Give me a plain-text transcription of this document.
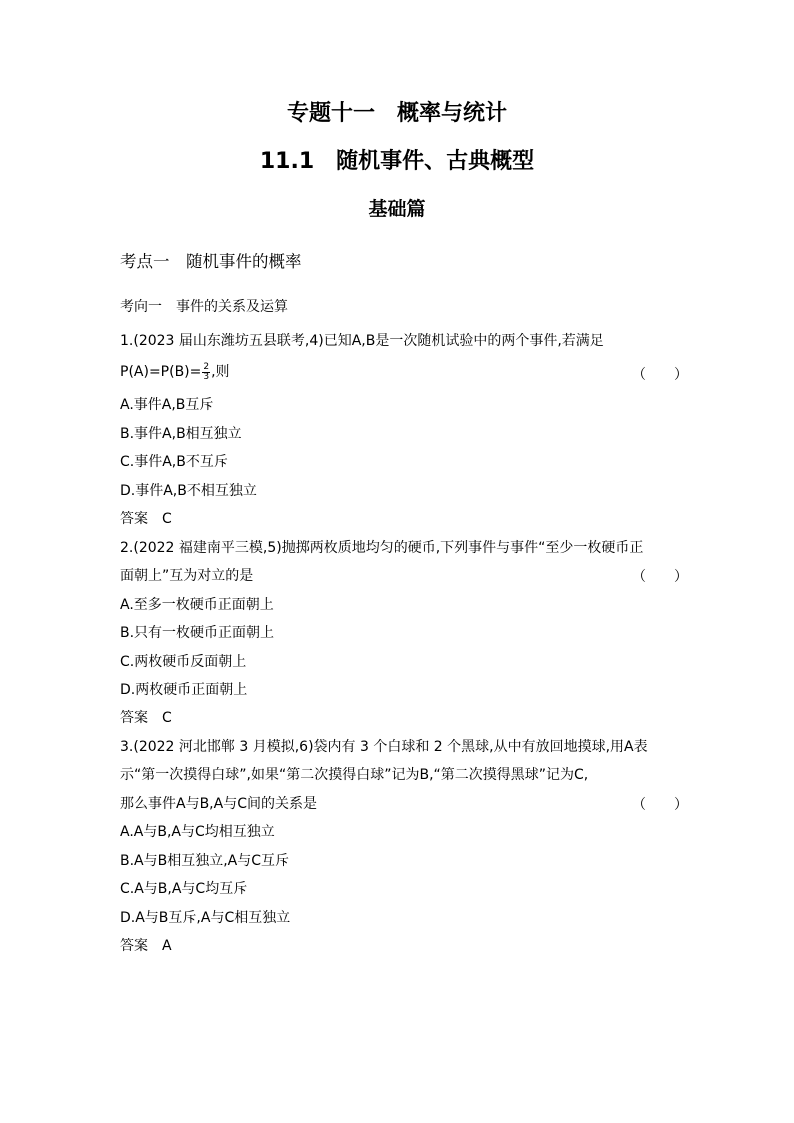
专题十一　概率与统计
11.1　随机事件、古典概型
基础篇
考点一　随机事件的概率
考向一　事件的关系及运算
1.(2023 届山东潍坊五县联考,4)已知A,B是一次随机试验中的两个事件,若满足
$P(A)=P(B)= \frac{2}{3}$ ,则	（　　）
A.事件A,B互斥
B.事件A,B相互独立
C.事件A,B不互斥
D.事件A,B不相互独立
答案　C
2.(2022 福建南平三模,5)抛掷两枚质地均匀的硬币,下列事件与事件“至少一枚硬币正
面朝上”互为对立的是	（　　）
A.至多一枚硬币正面朝上
B.只有一枚硬币正面朝上
C.两枚硬币反面朝上
D.两枚硬币正面朝上
答案　C
3.(2022 河北邯郸 3 月模拟,6)袋内有 3 个白球和 2 个黑球,从中有放回地摸球,用A表
示“第一次摸得白球”,如果“第二次摸得白球”记为B,“第二次摸得黑球”记为C,
那么事件A与B,A与C间的关系是	（　　）
A.A与B,A与C均相互独立
B.A与B相互独立,A与C互斥
C.A与B,A与C均互斥
D.A与B互斥,A与C相互独立
答案　A
